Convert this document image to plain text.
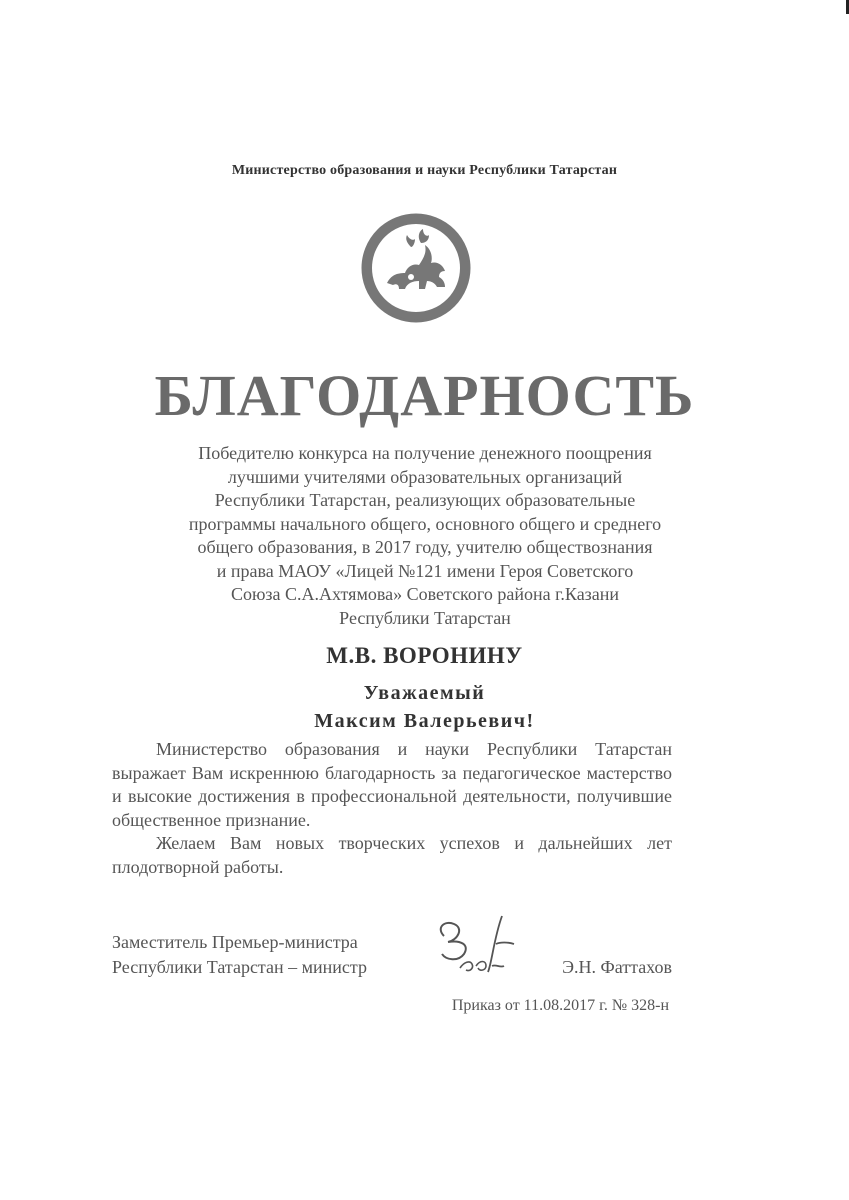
Министерство образования и науки Республики Татарстан
БЛАГОДАРНОСТЬ
Победителю конкурса на получение денежного поощрения
лучшими учителями образовательных организаций
Республики Татарстан, реализующих образовательные
программы начального общего, основного общего и среднего
общего образования, в 2017 году, учителю обществознания
и права МАОУ «Лицей №121 имени Героя Советского
Союза С.А.Ахтямова» Советского района г.Казани
Республики Татарстан
М.В. ВОРОНИНУ
Уважаемый
Максим Валерьевич!

Министерство образования и науки Республики Татарстан выражает Вам искреннюю благодарность за педагогическое мастерство и высокие достижения в профессиональной деятельности, получившие общественное признание.

Желаем Вам новых творческих успехов и дальнейших лет плодотворной работы.

Заместитель Премьер-министра
Республики Татарстан – министр	Э.Н. Фаттахов
Приказ от 11.08.2017 г. № 328-н
